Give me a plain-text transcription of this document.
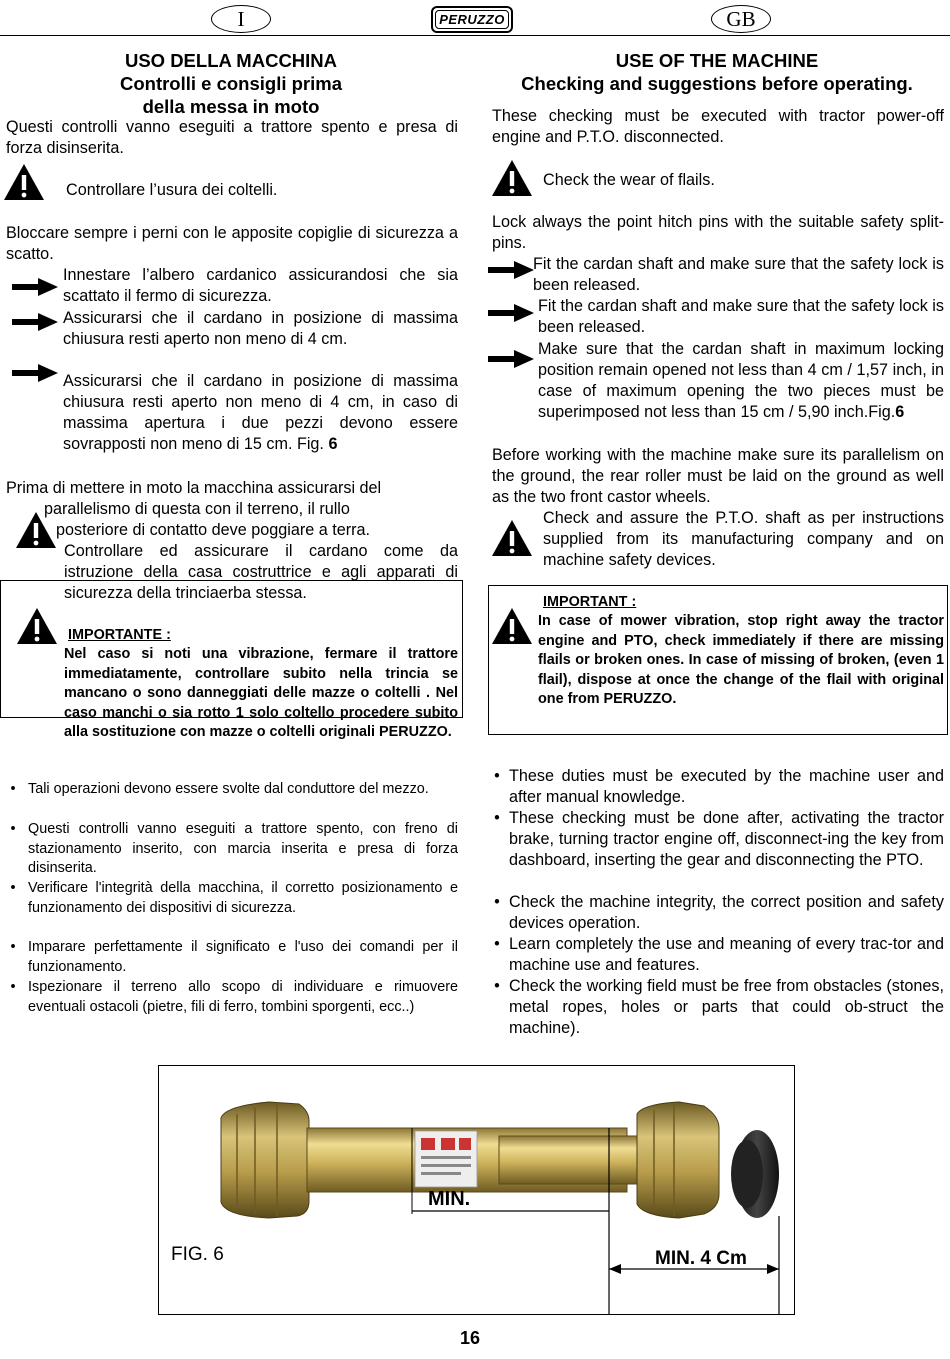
I	PERUZZO	GB
USO DELLA MACCHINA
Controlli e consigli prima
della messa in moto
Questi controlli vanno eseguiti a trattore spento e presa di forza disinserita.
Controllare l’usura dei coltelli.
Bloccare sempre i perni con le apposite copiglie di sicurezza a scatto.
Innestare l’albero cardanico assicurandosi che sia scattato il fermo di sicurezza.
Assicurarsi che il cardano in posizione di massima chiusura resti aperto non meno di 4 cm.
Assicurarsi che il cardano in posizione di massima chiusura resti aperto non meno di 4 cm, in caso di massima apertura i due pezzi devono essere sovrapposti non meno di 15 cm. Fig. 6
Prima di mettere in moto la macchina assicurarsi del
parallelismo di questa con il terreno, il rullo
posteriore di contatto deve poggiare a terra.
Controllare ed assicurare il cardano come da istruzione della casa costruttrice e agli apparati di sicurezza della trinciaerba stessa.
IMPORTANTE :
Nel caso si noti una vibrazione, fermare il trattore immediatamente, controllare subito nella trincia se mancano o sono danneggiati delle mazze o coltelli . Nel caso manchi o sia rotto 1 solo coltello procedere subito alla sostituzione con mazze o coltelli originali PERUZZO.
• Tali operazioni devono essere svolte dal conduttore del mezzo.
• Questi controlli vanno eseguiti a trattore spento, con freno di stazionamento inserito, con marcia inserita e presa di forza disinserita.
• Verificare l'integrità della macchina, il corretto posizionamento e funzionamento dei dispositivi di sicurezza.
• Imparare perfettamente il significato e l'uso dei comandi per il funzionamento.
• Ispezionare il terreno allo scopo di individuare e rimuovere eventuali ostacoli (pietre, fili di ferro, tombini sporgenti, ecc..)
USE OF THE MACHINE
Checking and suggestions before operating.
These checking must be executed with tractor power-off engine and P.T.O. disconnected.
Check the wear of flails.
Lock always the point hitch pins with the suitable safety split-pins.
Fit the cardan shaft and make sure that the safety lock is been released.
Fit the cardan shaft and make sure that the safety lock is been released.
Make sure that the cardan shaft in maximum locking position remain opened not less than 4 cm / 1,57 inch, in case of maximum opening the two pieces must be superimposed not less than 15 cm / 5,90 inch.Fig.6
Before working with the machine make sure its parallelism on the ground, the rear roller must be laid on the ground as well as the two front castor wheels.
Check and assure the P.T.O. shaft as per instructions supplied from its manufacturing company and on machine safety devices.
IMPORTANT :
In case of mower vibration, stop right away the tractor engine and PTO, check immediately if there are missing flails or broken ones. In case of missing of broken, (even 1 flail), dispose at once the change of the flail with original one from PERUZZO.
• These duties must be executed by the machine user and after manual knowledge.
• These checking must be done after, activating the tractor brake, turning tractor engine off, disconnect-ing the key from dashboard, inserting the gear and disconnecting the PTO.
• Check the machine integrity, the correct position and safety devices operation.
• Learn completely the use and meaning of every trac-tor and machine use and features.
• Check the working field must be free from obstacles (stones, metal ropes, holes or parts that could ob-struct the machine).
MIN.
FIG. 6	MIN. 4 Cm
16
